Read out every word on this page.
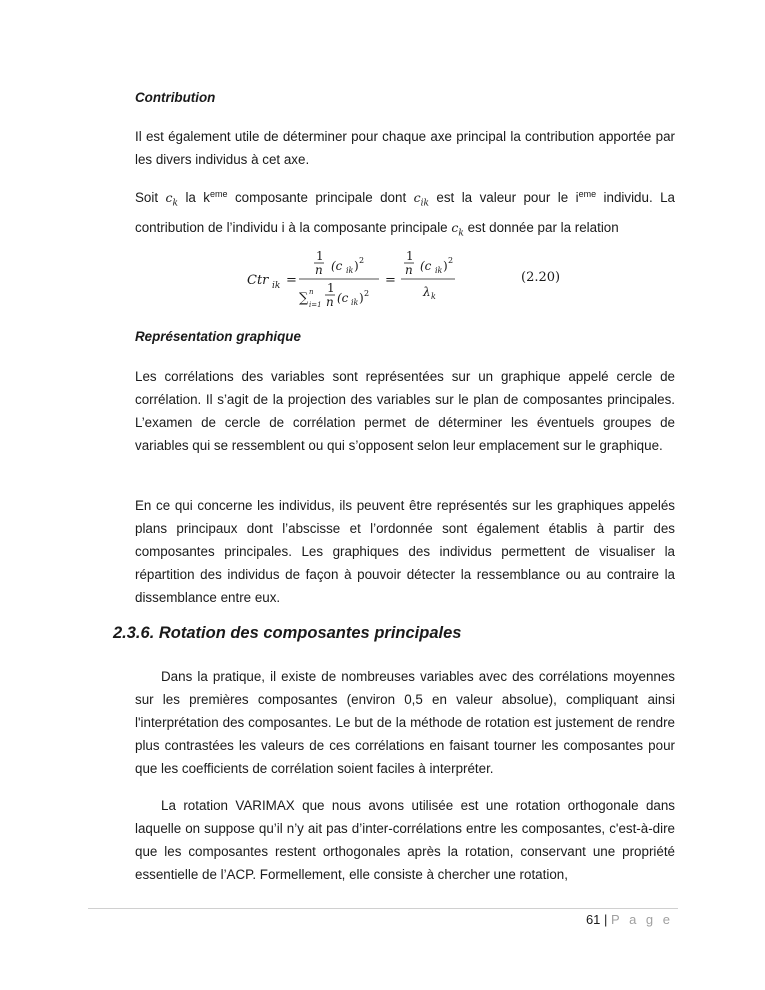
Contribution

Il est également utile de déterminer pour chaque axe principal la contribution apportée par les divers individus à cet axe.

Soit $c_k$ la $k^{eme}$ composante principale dont $c_{ik}$ est la valeur pour le $i^{eme}$ individu. La contribution de l’individu i à la composante principale $c_k$ est donnée par la relation

Ctr ik =
1
n (c ik ) 2
∑ n
i=1
1
n (c ik ) 2
=
1
n (c ik ) 2
λ k
(2.20)
Représentation graphique

Les corrélations des variables sont représentées sur un graphique appelé cercle de corrélation. Il s’agit de la projection des variables sur le plan de composantes principales. L’examen de cercle de corrélation permet de déterminer les éventuels groupes de variables qui se ressemblent ou qui s’opposent selon leur emplacement sur le graphique.

En ce qui concerne les individus, ils peuvent être représentés sur les graphiques appelés plans principaux dont l’abscisse et l’ordonnée sont également établis à partir des composantes principales. Les graphiques des individus permettent de visualiser la répartition des individus de façon à pouvoir détecter la ressemblance ou au contraire la dissemblance entre eux.

2.3.6. Rotation des composantes principales

Dans la pratique, il existe de nombreuses variables avec des corrélations moyennes sur les premières composantes (environ 0,5 en valeur absolue), compliquant ainsi l'interprétation des composantes. Le but de la méthode de rotation est justement de rendre plus contrastées les valeurs de ces corrélations en faisant tourner les composantes pour que les coefficients de corrélation soient faciles à interpréter.

La rotation VARIMAX que nous avons utilisée est une rotation orthogonale dans laquelle on suppose qu’il n’y ait pas d’inter-corrélations entre les composantes, c'est-à-dire que les composantes restent orthogonales après la rotation, conservant une propriété essentielle de l’ACP. Formellement, elle consiste à chercher une rotation,

61 | P a g e
